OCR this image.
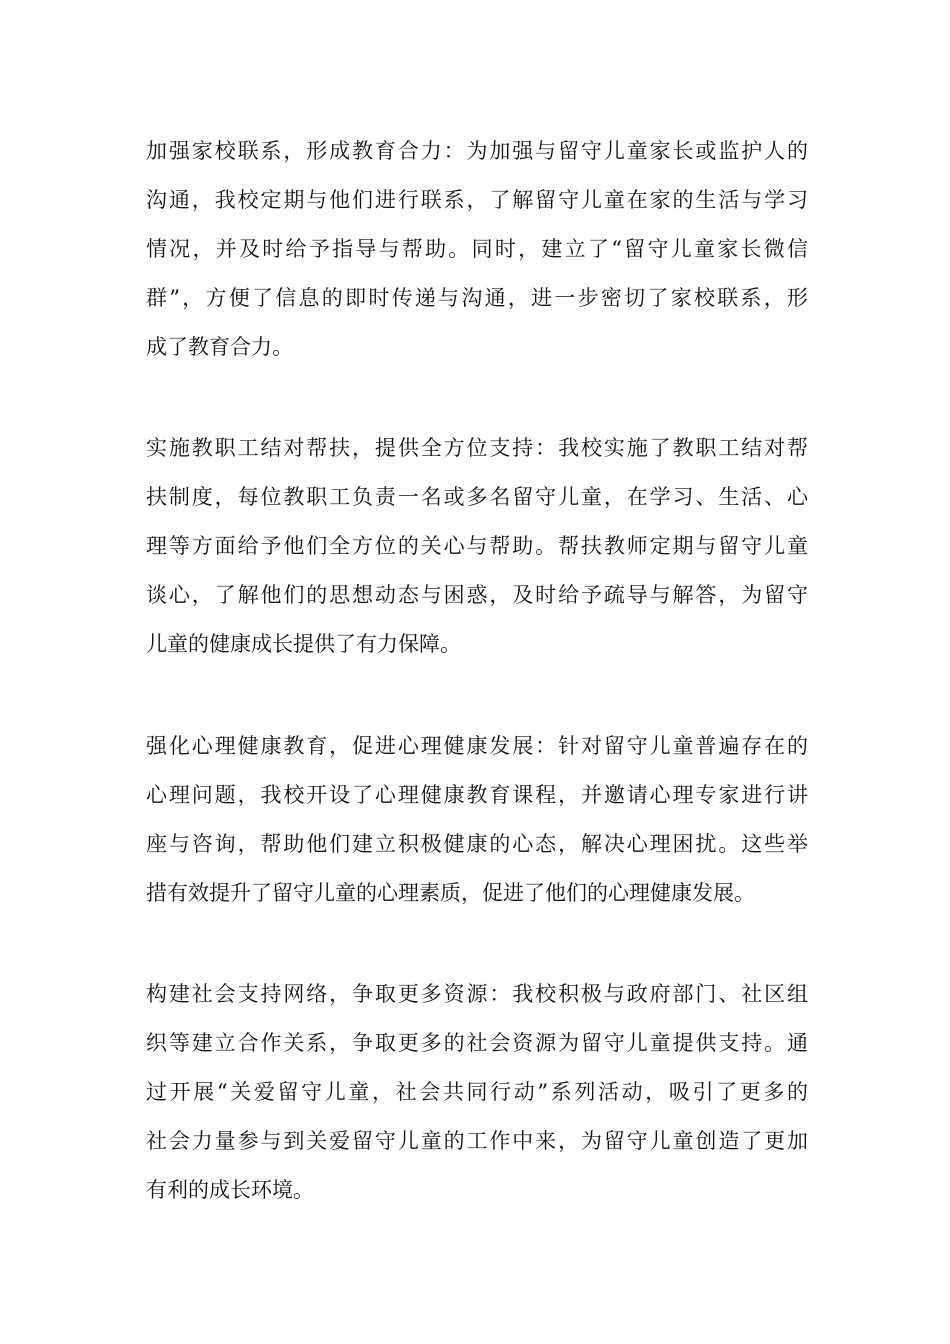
加强家校联系，形成教育合力：为加强与留守儿童家长或监护人的
沟通，我校定期与他们进行联系，了解留守儿童在家的生活与学习
情况，并及时给予指导与帮助。同时，建立了“留守儿童家长微信
群”，方便了信息的即时传递与沟通，进一步密切了家校联系，形
成了教育合力。
实施教职工结对帮扶，提供全方位支持：我校实施了教职工结对帮
扶制度，每位教职工负责一名或多名留守儿童，在学习、生活、心
理等方面给予他们全方位的关心与帮助。帮扶教师定期与留守儿童
谈心，了解他们的思想动态与困惑，及时给予疏导与解答，为留守
儿童的健康成长提供了有力保障。
强化心理健康教育，促进心理健康发展：针对留守儿童普遍存在的
心理问题，我校开设了心理健康教育课程，并邀请心理专家进行讲
座与咨询，帮助他们建立积极健康的心态，解决心理困扰。这些举
措有效提升了留守儿童的心理素质，促进了他们的心理健康发展。
构建社会支持网络，争取更多资源：我校积极与政府部门、社区组
织等建立合作关系，争取更多的社会资源为留守儿童提供支持。通
过开展“关爱留守儿童，社会共同行动”系列活动，吸引了更多的
社会力量参与到关爱留守儿童的工作中来，为留守儿童创造了更加
有利的成长环境。
